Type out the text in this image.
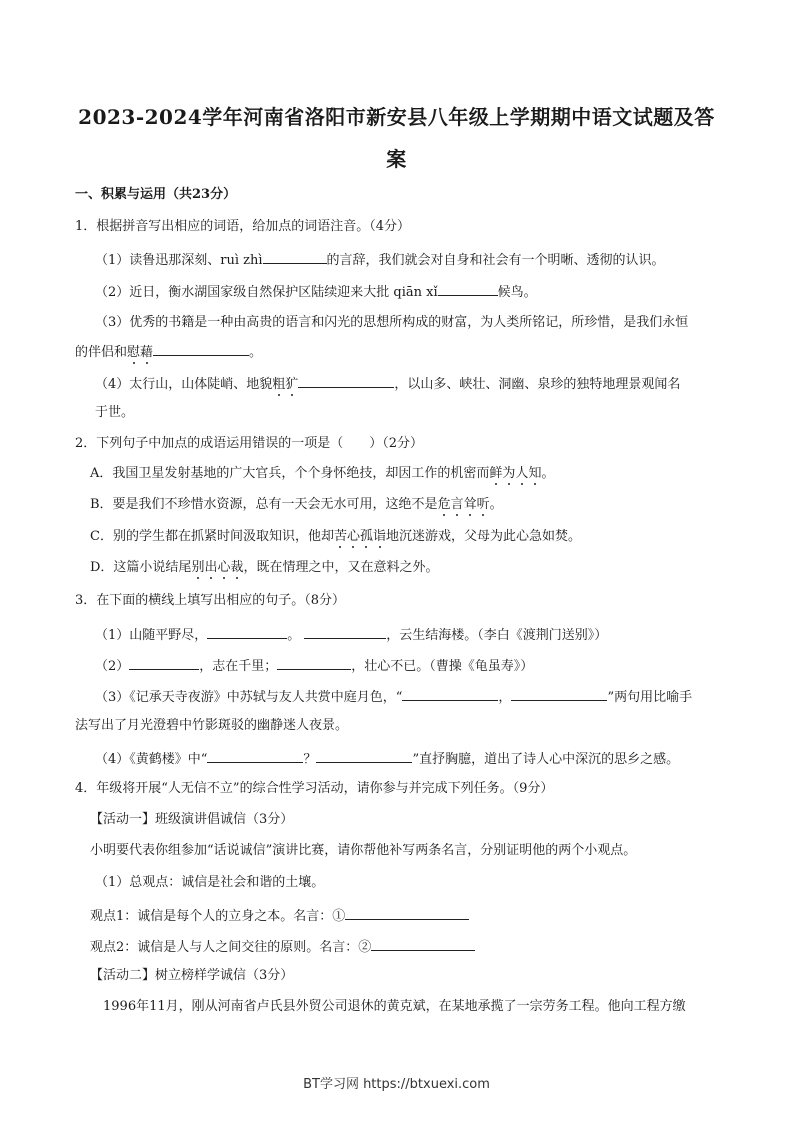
2023-2024学年河南省洛阳市新安县八年级上学期期中语文试题及答
案
一、积累与运用（共23分）
1．根据拼音写出相应的词语，给加点的词语注音。（4分）
（1）读鲁迅那深刻、ruì zhì	的言辞，我们就会对自身和社会有一个明晰、透彻的认识。
（2）近日，衡水湖国家级自然保护区陆续迎来大批 qiān xǐ	候鸟。
（3）优秀的书籍是一种由高贵的语言和闪光的思想所构成的财富，为人类所铭记，所珍惜，是我们永恒
的伴侣和慰藉	。
（4）太行山，山体陡峭、地貌粗犷	，以山多、峡壮、洞幽、泉珍的独特地理景观闻名
于世。
2．下列句子中加点的成语运用错误的一项是（　　）（2分）
A．我国卫星发射基地的广大官兵，个个身怀绝技，却因工作的机密而鲜为人知。
B．要是我们不珍惜水资源，总有一天会无水可用，这绝不是危言耸听。
C．别的学生都在抓紧时间汲取知识，他却苦心孤诣地沉迷游戏，父母为此心急如焚。
D．这篇小说结尾别出心裁，既在情理之中，又在意料之外。
3．在下面的横线上填写出相应的句子。（8分）
（1）山随平野尽，	。	，云生结海楼。（李白《渡荆门送别》）
（2）	，志在千里；	，壮心不已。（曹操《龟虽寿》）
（3）《记承天寺夜游》中苏轼与友人共赏中庭月色，“	，	”两句用比喻手
法写出了月光澄碧中竹影斑驳的幽静迷人夜景。
（4）《黄鹤楼》中“	？	”直抒胸臆，道出了诗人心中深沉的思乡之感。
4．年级将开展“人无信不立”的综合性学习活动，请你参与并完成下列任务。（9分）
【活动一】班级演讲倡诚信（3分）
小明要代表你组参加“话说诚信”演讲比赛，请你帮他补写两条名言，分别证明他的两个小观点。
（1）总观点：诚信是社会和谐的土壤。
观点1：诚信是每个人的立身之本。名言：①
观点2：诚信是人与人之间交往的原则。名言：②
【活动二】树立榜样学诚信（3分）
1996年11月，刚从河南省卢氏县外贸公司退休的黄克斌，在某地承揽了一宗劳务工程。他向工程方缴
BT学习网 https://btxuexi.com
